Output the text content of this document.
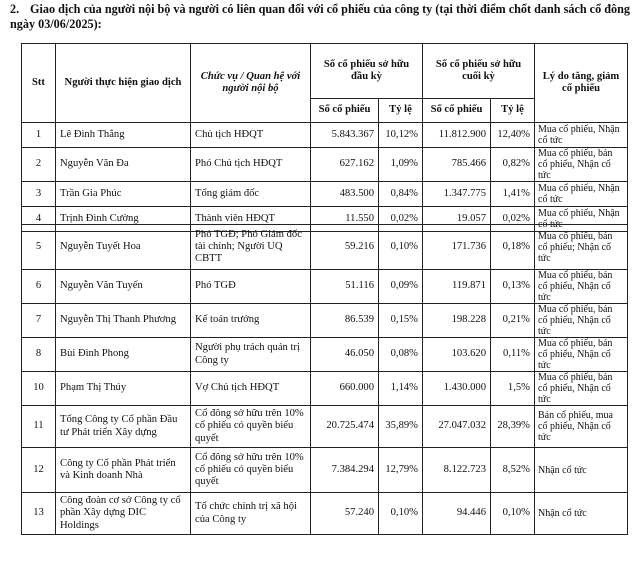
2. Giao dịch của người nội bộ và người có liên quan đối với cổ phiếu của công ty (tại thời điểm chốt danh sách cổ đông ngày 03/06/2025):
Stt	Người thực hiện giao dịch	Chức vụ / Quan hệ với người nội bộ	Số cổ phiếu sở hữu đầu kỳ		Số cổ phiếu sở hữu cuối kỳ		Lý do tăng, giảm cổ phiếu
			Số cổ phiếu	Tỷ lệ	Số cổ phiếu	Tỷ lệ	
1	Lê Đình Thắng	Chủ tịch HĐQT	5.843.367	10,12%	11.812.900	12,40%	Mua cổ phiếu, Nhận cổ tức
2	Nguyễn Văn Đa	Phó Chủ tịch HĐQT	627.162	1,09%	785.466	0,82%	Mua cổ phiếu, bán cổ phiếu, Nhận cổ tức
3	Trần Gia Phúc	Tổng giám đốc	483.500	0,84%	1.347.775	1,41%	Mua cổ phiếu, Nhận cổ tức
4	Trịnh Đình Cường	Thành viên HĐQT	11.550	0,02%	19.057	0,02%	Mua cổ phiếu, Nhận cổ tức
5	Nguyễn Tuyết Hoa	Phó TGĐ; Phó Giám đốc tài chính; Người UQ CBTT	59.216	0,10%	171.736	0,18%	Mua cổ phiếu, bán cổ phiếu; Nhận cổ tức
6	Nguyễn Văn Tuyến	Phó TGĐ	51.116	0,09%	119.871	0,13%	Mua cổ phiếu, bán cổ phiếu, Nhận cổ tức
7	Nguyễn Thị Thanh Phương	Kế toán trưởng	86.539	0,15%	198.228	0,21%	Mua cổ phiếu, bán cổ phiếu, Nhận cổ tức
8	Bùi Đình Phong	Người phụ trách quản trị Công ty	46.050	0,08%	103.620	0,11%	Mua cổ phiếu, bán cổ phiếu, Nhận cổ tức
10	Phạm Thị Thúy	Vợ Chủ tịch HĐQT	660.000	1,14%	1.430.000	1,5%	Mua cổ phiếu, bán cổ phiếu, Nhận cổ tức
11	Tổng Công ty Cổ phần Đầu tư Phát triển Xây dựng	Cổ đông sở hữu trên 10% cổ phiếu có quyền biểu quyết	20.725.474	35,89%	27.047.032	28,39%	Bán cổ phiếu, mua cổ phiếu, Nhận cổ tức
12	Công ty Cổ phần Phát triển và Kinh doanh Nhà	Cổ đông sở hữu trên 10% cổ phiếu có quyền biểu quyết	7.384.294	12,79%	8.122.723	8,52%	Nhận cổ tức
13	Công đoàn cơ sở Công ty cổ phần Xây dựng DIC Holdings	Tổ chức chính trị xã hội của Công ty	57.240	0,10%	94.446	0,10%	Nhận cổ tức
